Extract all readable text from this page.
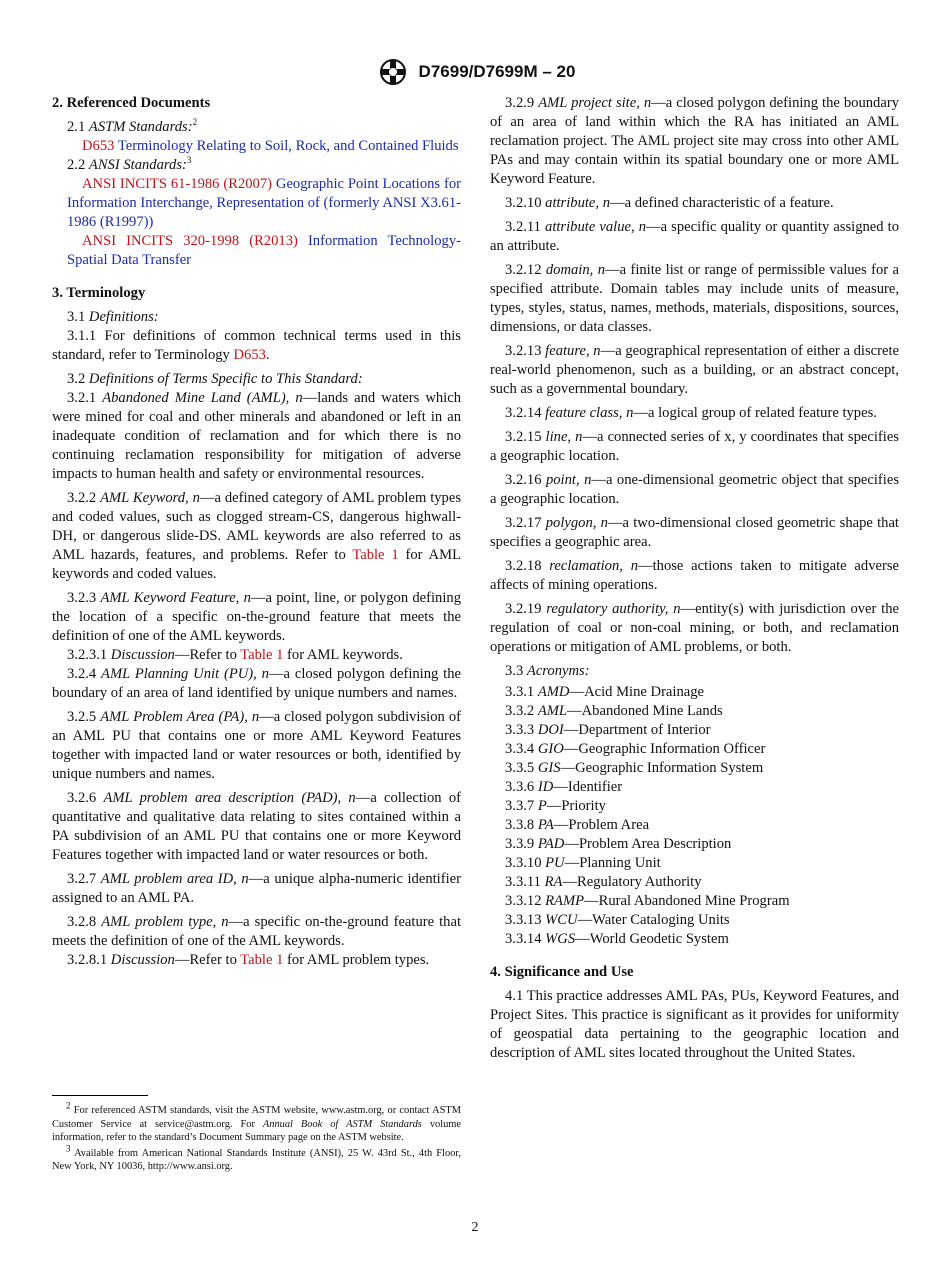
D7699/D7699M – 20
2. Referenced Documents

2.1 ASTM Standards:$^2$

D653 Terminology Relating to Soil, Rock, and Contained Fluids

2.2 ANSI Standards:$^3$

ANSI INCITS 61-1986 (R2007) Geographic Point Locations for Information Interchange, Representation of (formerly ANSI X3.61-1986 (R1997))

ANSI INCITS 320-1998 (R2013) Information Technology-Spatial Data Transfer

3. Terminology

3.1 Definitions:

3.1.1 For definitions of common technical terms used in this standard, refer to Terminology D653.

3.2 Definitions of Terms Specific to This Standard:

3.2.1 Abandoned Mine Land (AML), n—lands and waters which were mined for coal and other minerals and abandoned or left in an inadequate condition of reclamation and for which there is no continuing reclamation responsibility for mitigation of adverse impacts to human health and safety or environmental resources.

3.2.2 AML Keyword, n—a defined category of AML problem types and coded values, such as clogged stream-CS, dangerous highwall-DH, or dangerous slide-DS. AML keywords are also referred to as AML hazards, features, and problems. Refer to Table 1 for AML keywords and coded values.

3.2.3 AML Keyword Feature, n—a point, line, or polygon defining the location of a specific on-the-ground feature that meets the definition of one of the AML keywords.

3.2.3.1 Discussion—Refer to Table 1 for AML keywords.

3.2.4 AML Planning Unit (PU), n—a closed polygon defining the boundary of an area of land identified by unique numbers and names.

3.2.5 AML Problem Area (PA), n—a closed polygon subdivision of an AML PU that contains one or more AML Keyword Features together with impacted land or water resources or both, identified by unique numbers and names.

3.2.6 AML problem area description (PAD), n—a collection of quantitative and qualitative data relating to sites contained within a PA subdivision of an AML PU that contains one or more Keyword Features together with impacted land or water resources or both.

3.2.7 AML problem area ID, n—a unique alpha-numeric identifier assigned to an AML PA.

3.2.8 AML problem type, n—a specific on-the-ground feature that meets the definition of one of the AML keywords.

3.2.8.1 Discussion—Refer to Table 1 for AML problem types.

$^2$ For referenced ASTM standards, visit the ASTM website, www.astm.org, or contact ASTM Customer Service at service@astm.org. For Annual Book of ASTM Standards volume information, refer to the standard’s Document Summary page on the ASTM website.

$^3$ Available from American National Standards Institute (ANSI), 25 W. 43rd St., 4th Floor, New York, NY 10036, http://www.ansi.org.

3.2.9 AML project site, n—a closed polygon defining the boundary of an area of land within which the RA has initiated an AML reclamation project. The AML project site may cross into other AML PAs and may contain within its spatial boundary one or more AML Keyword Feature.

3.2.10 attribute, n—a defined characteristic of a feature.

3.2.11 attribute value, n—a specific quality or quantity assigned to an attribute.

3.2.12 domain, n—a finite list or range of permissible values for a specified attribute. Domain tables may include units of measure, types, styles, status, names, methods, materials, dispositions, sources, dimensions, or data classes.

3.2.13 feature, n—a geographical representation of either a discrete real-world phenomenon, such as a building, or an abstract concept, such as a governmental boundary.

3.2.14 feature class, n—a logical group of related feature types.

3.2.15 line, n—a connected series of x, y coordinates that specifies a geographic location.

3.2.16 point, n—a one-dimensional geometric object that specifies a geographic location.

3.2.17 polygon, n—a two-dimensional closed geometric shape that specifies a geographic area.

3.2.18 reclamation, n—those actions taken to mitigate adverse affects of mining operations.

3.2.19 regulatory authority, n—entity(s) with jurisdiction over the regulation of coal or non-coal mining, or both, and reclamation operations or mitigation of AML problems, or both.

3.3 Acronyms:

3.3.1 AMD—Acid Mine Drainage

3.3.2 AML—Abandoned Mine Lands

3.3.3 DOI—Department of Interior

3.3.4 GIO—Geographic Information Officer

3.3.5 GIS—Geographic Information System

3.3.6 ID—Identifier

3.3.7 P—Priority

3.3.8 PA—Problem Area

3.3.9 PAD—Problem Area Description

3.3.10 PU—Planning Unit

3.3.11 RA—Regulatory Authority

3.3.12 RAMP—Rural Abandoned Mine Program

3.3.13 WCU—Water Cataloging Units

3.3.14 WGS—World Geodetic System

4. Significance and Use

4.1 This practice addresses AML PAs, PUs, Keyword Features, and Project Sites. This practice is significant as it provides for uniformity of geospatial data pertaining to the geographic location and description of AML sites located throughout the United States.

2
